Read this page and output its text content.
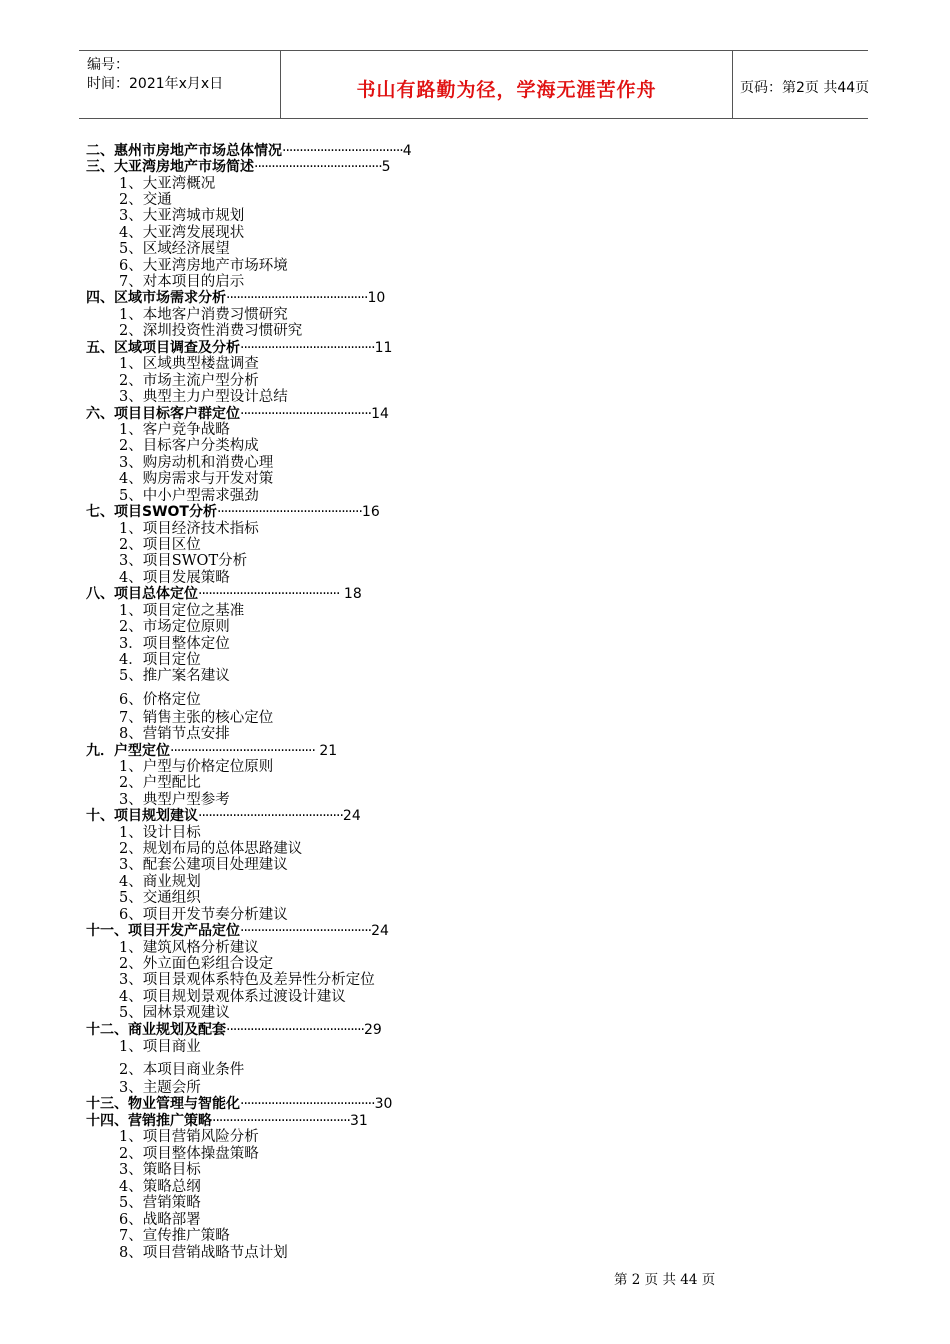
编号：
时间：2021年x月x日	书山有路勤为径，学海无涯苦作舟	页码：第2页 共44页
二、惠州市房地产市场总体情况···································4
三、大亚湾房地产市场简述·····································5
1、大亚湾概况
2、交通
3、大亚湾城市规划
4、大亚湾发展现状
5、区域经济展望
6、大亚湾房地产市场环境
7、对本项目的启示
四、区域市场需求分析·········································10
1、本地客户消费习惯研究
2、深圳投资性消费习惯研究
五、区域项目调查及分析·······································11
1、区域典型楼盘调查
2、市场主流户型分析
3、典型主力户型设计总结
六、项目目标客户群定位······································14
1、客户竞争战略
2、目标客户分类构成
3、购房动机和消费心理
4、购房需求与开发对策
5、中小户型需求强劲
七、项目SWOT分析··········································16
1、项目经济技术指标
2、项目区位
3、项目SWOT分析
4、项目发展策略
八、项目总体定位········································· 18
1、项目定位之基准
2、市场定位原则
3．项目整体定位
4．项目定位
5、推广案名建议
6、价格定位
7、销售主张的核心定位
8、营销节点安排
九．户型定位·········································· 21
1、户型与价格定位原则
2、户型配比
3、典型户型参考
十、项目规划建议··········································24
1、设计目标
2、规划布局的总体思路建议
3、配套公建项目处理建议
4、商业规划
5、交通组织
6、项目开发节奏分析建议
十一、项目开发产品定位······································24
1、建筑风格分析建议
2、外立面色彩组合设定
3、项目景观体系特色及差异性分析定位
4、项目规划景观体系过渡设计建议
5、园林景观建议
十二、商业规划及配套········································29
1、项目商业
2、本项目商业条件
3、主题会所
十三、物业管理与智能化·······································30
十四、营销推广策略········································31
1、项目营销风险分析
2、项目整体操盘策略
3、策略目标
4、策略总纲
5、营销策略
6、战略部署
7、宣传推广策略
8、项目营销战略节点计划
第 2 页 共 44 页
